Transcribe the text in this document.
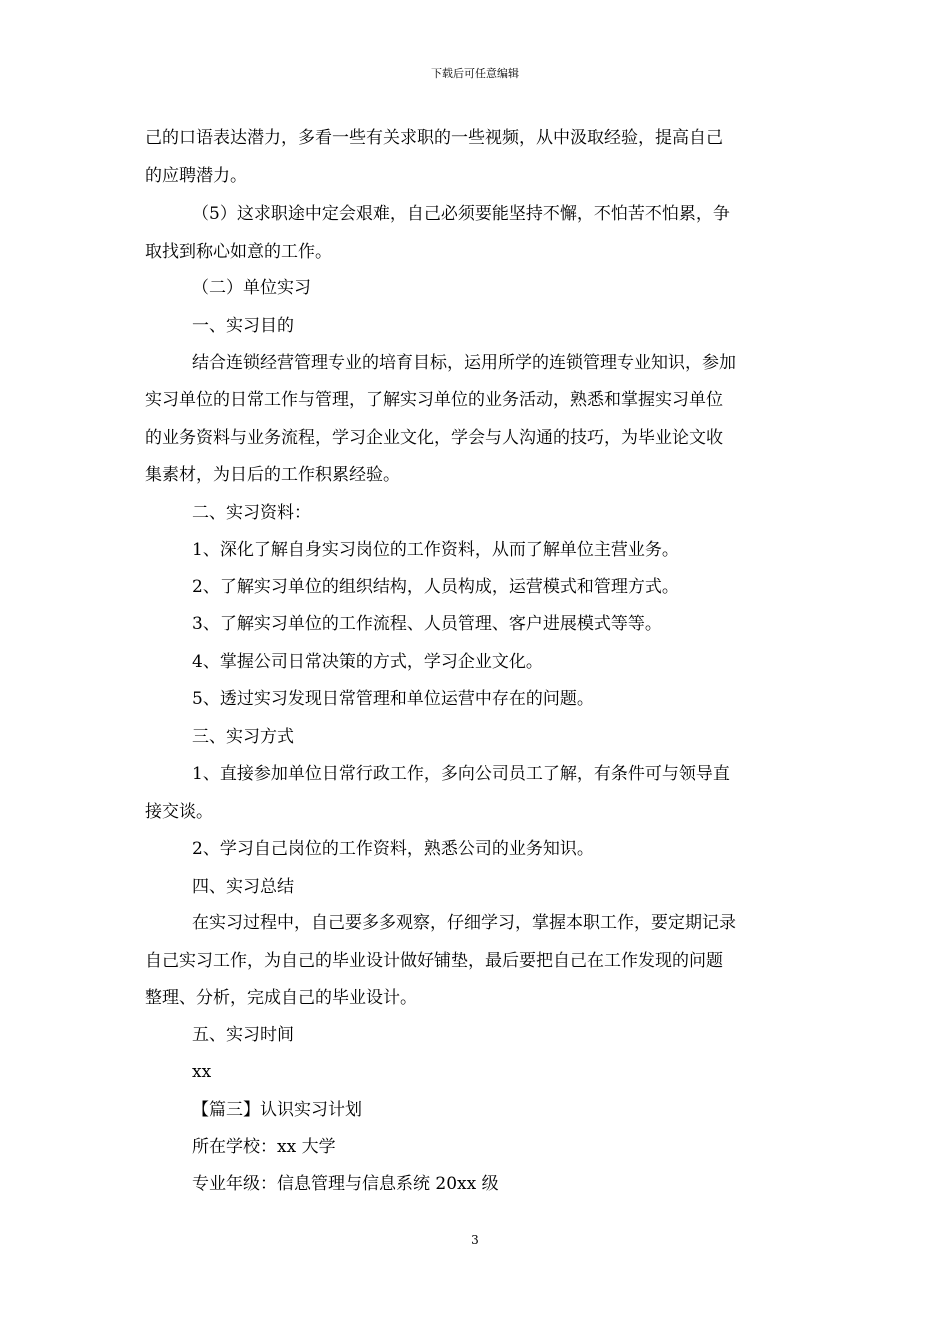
下载后可任意编辑
己的口语表达潜力，多看一些有关求职的一些视频，从中汲取经验，提高自己
的应聘潜力。
（5）这求职途中定会艰难，自己必须要能坚持不懈，不怕苦不怕累，争
取找到称心如意的工作。
（二）单位实习
一、实习目的
结合连锁经营管理专业的培育目标，运用所学的连锁管理专业知识，参加
实习单位的日常工作与管理，了解实习单位的业务活动，熟悉和掌握实习单位
的业务资料与业务流程，学习企业文化，学会与人沟通的技巧，为毕业论文收
集素材，为日后的工作积累经验。
二、实习资料：
1、深化了解自身实习岗位的工作资料，从而了解单位主营业务。
2、了解实习单位的组织结构，人员构成，运营模式和管理方式。
3、了解实习单位的工作流程、人员管理、客户进展模式等等。
4、掌握公司日常决策的方式，学习企业文化。
5、透过实习发现日常管理和单位运营中存在的问题。
三、实习方式
1、直接参加单位日常行政工作，多向公司员工了解，有条件可与领导直
接交谈。
2、学习自己岗位的工作资料，熟悉公司的业务知识。
四、实习总结
在实习过程中，自己要多多观察，仔细学习，掌握本职工作，要定期记录
自己实习工作，为自己的毕业设计做好铺垫，最后要把自己在工作发现的问题
整理、分析，完成自己的毕业设计。
五、实习时间
xx
【篇三】认识实习计划
所在学校：xx 大学
专业年级：信息管理与信息系统 20xx 级
3
